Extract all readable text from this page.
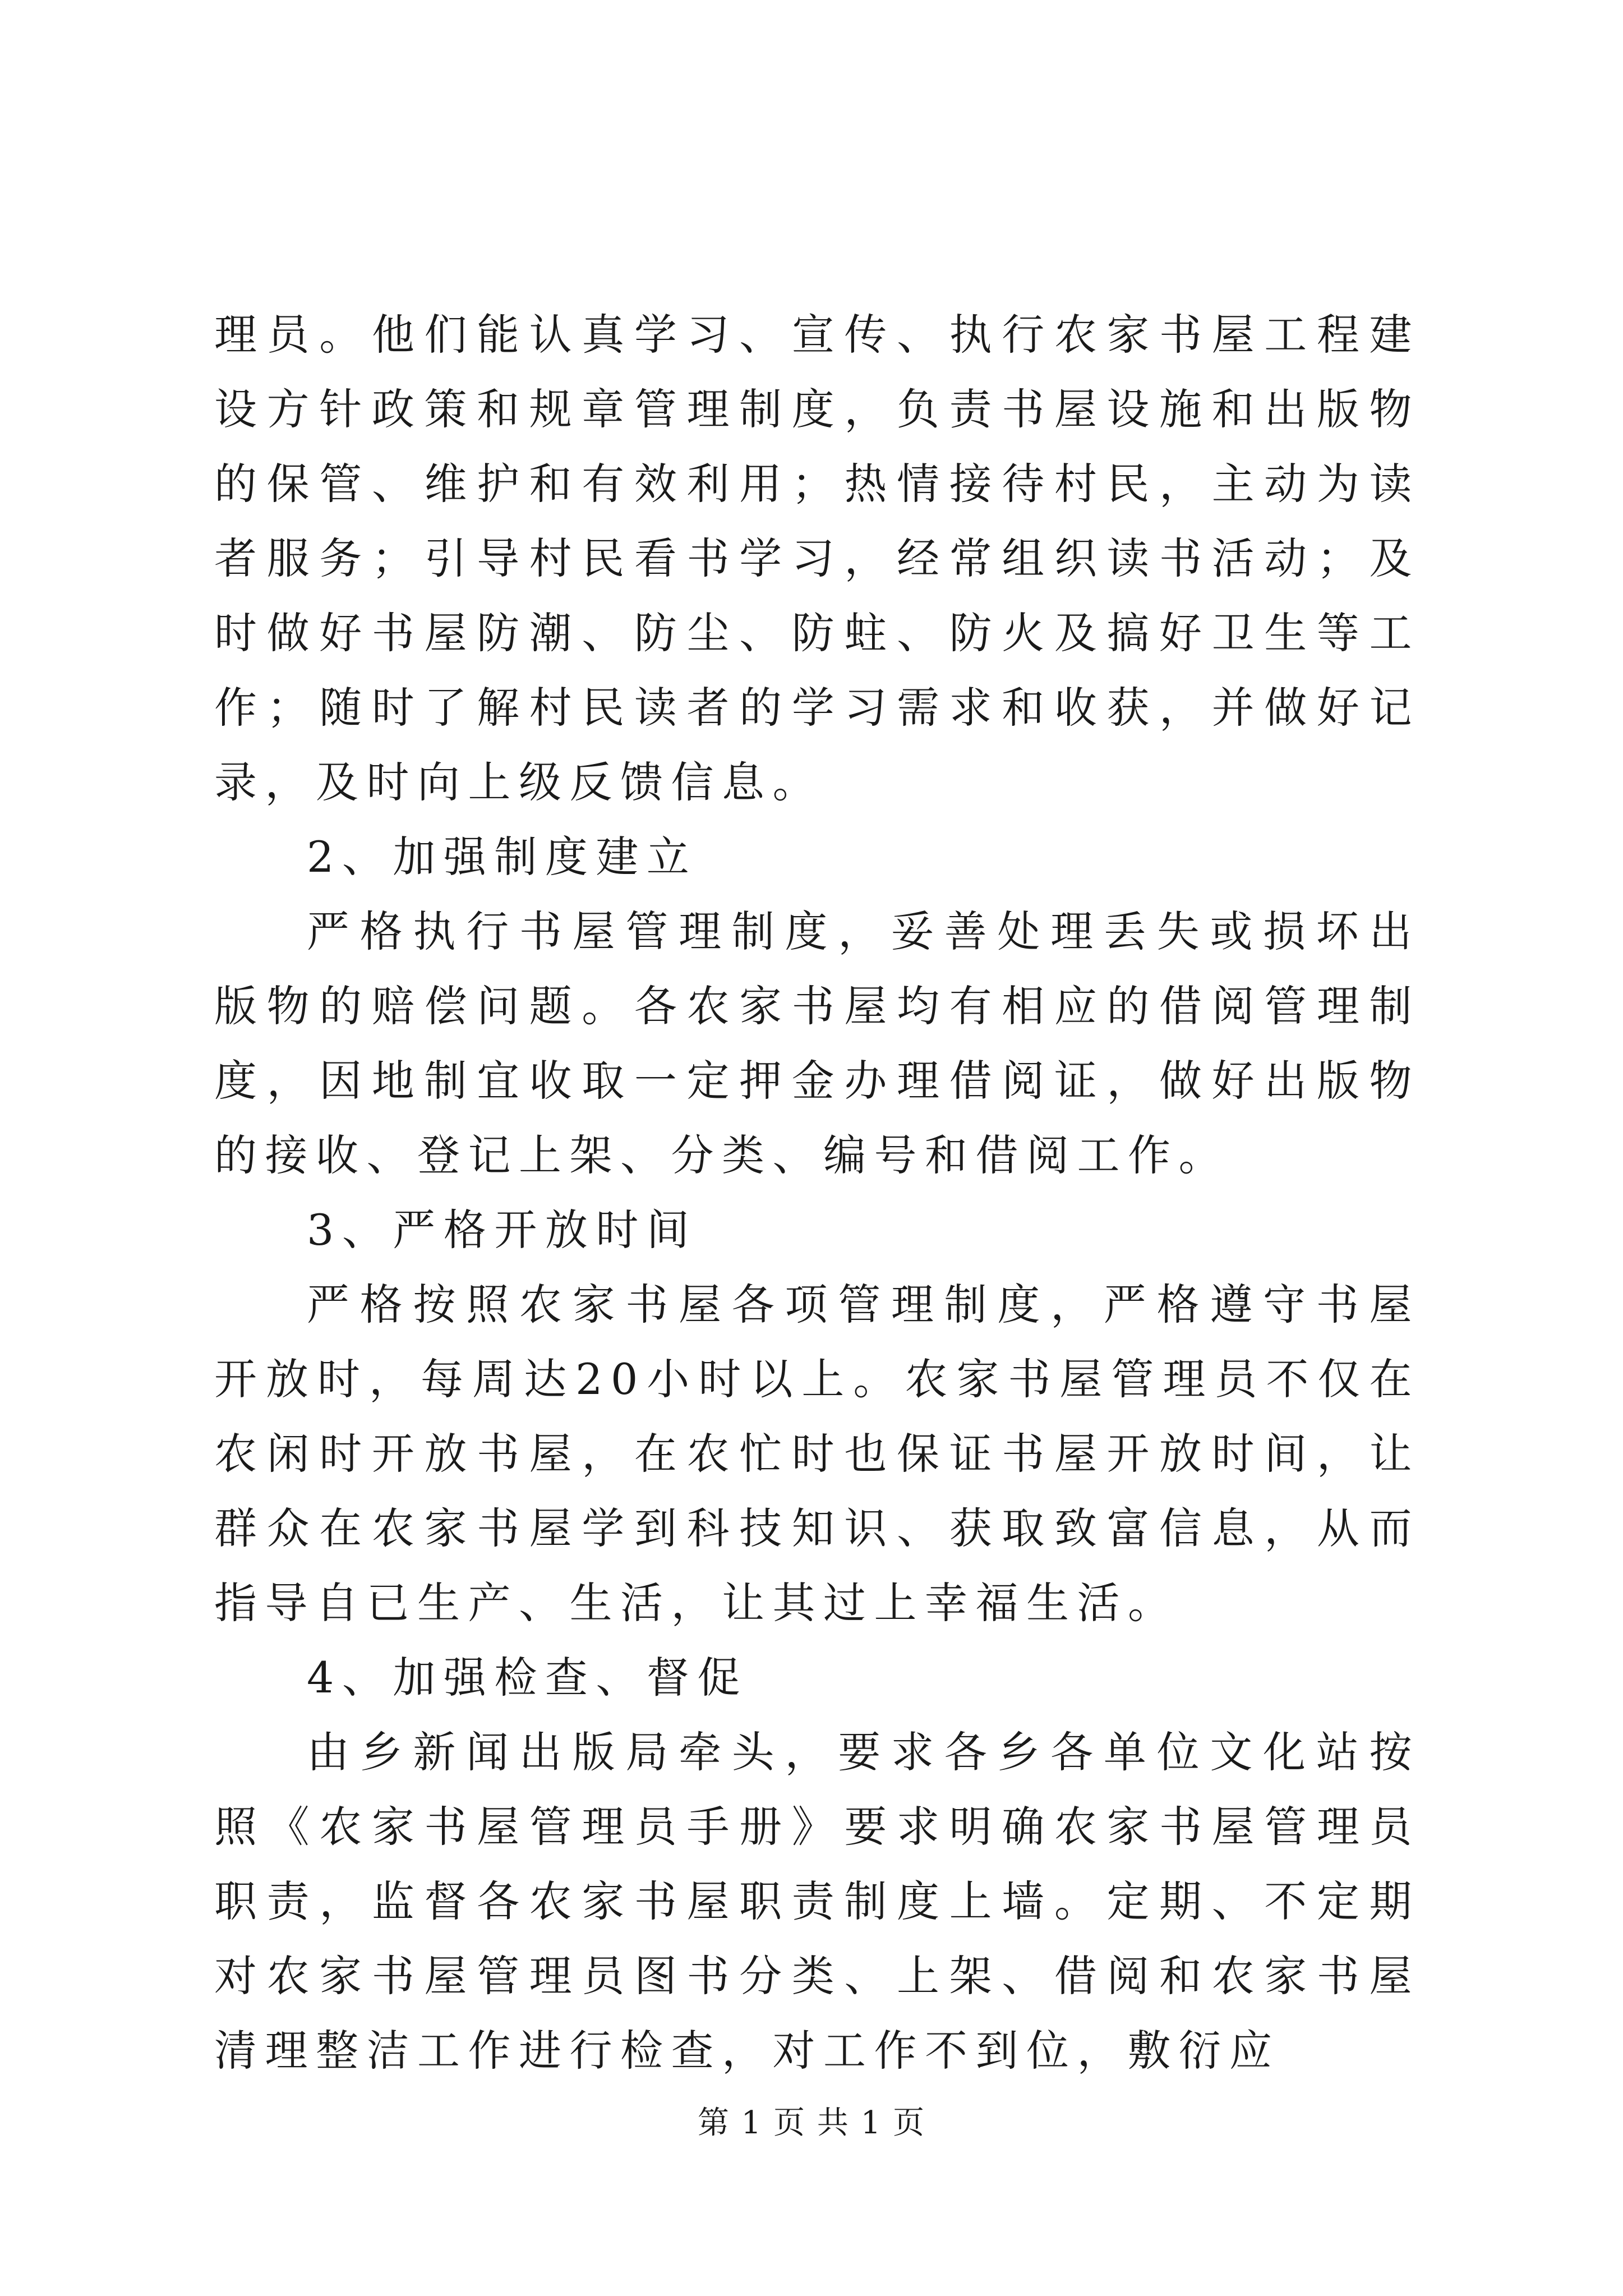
理员。他们能认真学习、宣传、执行农家书屋工程建设方针政策和规章管理制度，负责书屋设施和出版物的保管、维护和有效利用；热情接待村民，主动为读者服务；引导村民看书学习，经常组织读书活动；及时做好书屋防潮、防尘、防蛀、防火及搞好卫生等工作；随时了解村民读者的学习需求和收获，并做好记录，及时向上级反馈信息。

2、加强制度建立

严格执行书屋管理制度，妥善处理丢失或损坏出版物的赔偿问题。各农家书屋均有相应的借阅管理制度，因地制宜收取一定押金办理借阅证，做好出版物的接收、登记上架、分类、编号和借阅工作。

3、严格开放时间

严格按照农家书屋各项管理制度，严格遵守书屋开放时，每周达20小时以上。农家书屋管理员不仅在农闲时开放书屋，在农忙时也保证书屋开放时间，让群众在农家书屋学到科技知识、获取致富信息，从而指导自已生产、生活，让其过上幸福生活。

4、加强检查、督促

由乡新闻出版局牵头，要求各乡各单位文化站按照《农家书屋管理员手册》要求明确农家书屋管理员职责，监督各农家书屋职责制度上墙。定期、不定期对农家书屋管理员图书分类、上架、借阅和农家书屋清理整洁工作进行检查，对工作不到位，敷衍应

第 1 页 共 1 页
